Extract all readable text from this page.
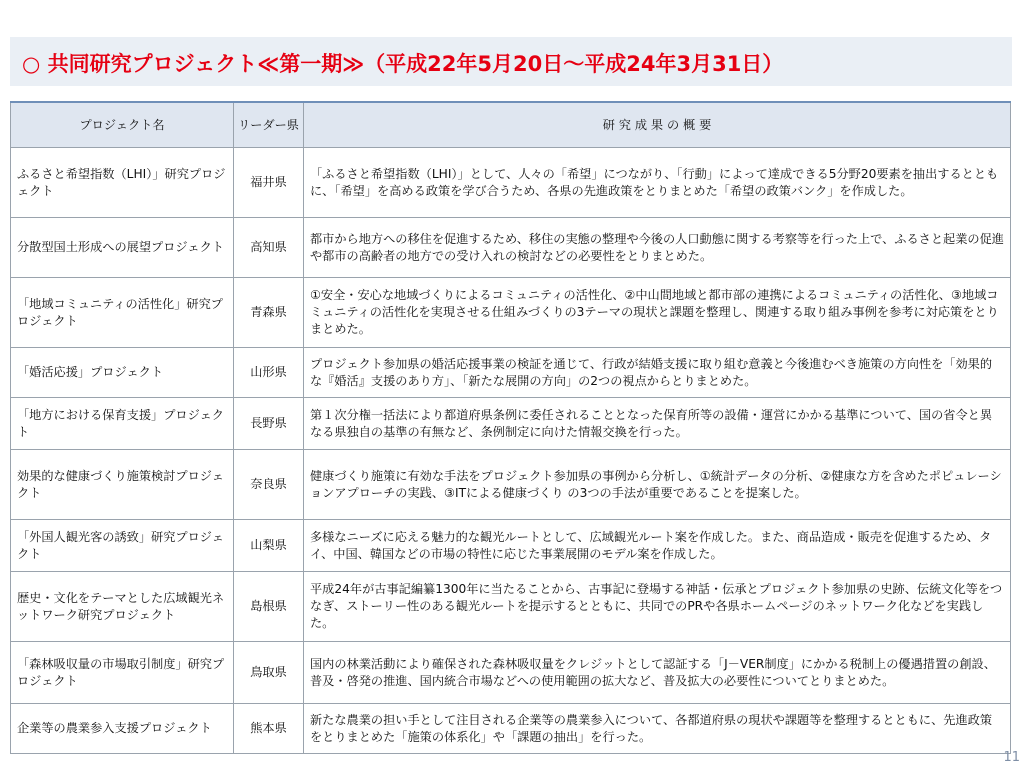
○ 共同研究プロジェクト≪第一期≫（平成22年5月20日～平成24年3月31日）
プロジェクト名	リーダー県	研 究 成 果 の 概 要
ふるさと希望指数（LHI）」研究プロジェクト	福井県	「ふるさと希望指数（LHI）」として、人々の「希望」につながり、「行動」によって達成できる5分野20要素を抽出するとともに、「希望」を高める政策を学び合うため、各県の先進政策をとりまとめた「希望の政策バンク」を作成した。
分散型国土形成への展望プロジェクト	高知県	都市から地方への移住を促進するため、移住の実態の整理や今後の人口動態に関する考察等を行った上で、ふるさと起業の促進や都市の高齢者の地方での受け入れの検討などの必要性をとりまとめた。
「地域コミュニティの活性化」研究プロジェクト	青森県	①安全・安心な地域づくりによるコミュニティの活性化、②中山間地域と都市部の連携によるコミュニティの活性化、③地域コミュニティの活性化を実現させる仕組みづくりの3テーマの現状と課題を整理し、関連する取り組み事例を参考に対応策をとりまとめた。
「婚活応援」プロジェクト	山形県	プロジェクト参加県の婚活応援事業の検証を通じて、行政が結婚支援に取り組む意義と今後進むべき施策の方向性を「効果的な『婚活』支援のあり方」、「新たな展開の方向」の2つの視点からとりまとめた。
「地方における保育支援」プロジェクト	長野県	第１次分権一括法により都道府県条例に委任されることとなった保育所等の設備・運営にかかる基準について、国の省令と異なる県独自の基準の有無など、条例制定に向けた情報交換を行った。
効果的な健康づくり施策検討プロジェクト	奈良県	健康づくり施策に有効な手法をプロジェクト参加県の事例から分析し、①統計データの分析、②健康な方を含めたポピュレーションアプローチの実践、③ITによる健康づくり の3つの手法が重要であることを提案した。
「外国人観光客の誘致」研究プロジェクト	山梨県	多様なニーズに応える魅力的な観光ルートとして、広域観光ルート案を作成した。また、商品造成・販売を促進するため、タイ、中国、韓国などの市場の特性に応じた事業展開のモデル案を作成した。
歴史・文化をテーマとした広域観光ネットワーク研究プロジェクト	島根県	平成24年が古事記編纂1300年に当たることから、古事記に登場する神話・伝承とプロジェクト参加県の史跡、伝統文化等をつなぎ、ストーリー性のある観光ルートを提示するとともに、共同でのPRや各県ホームページのネットワーク化などを実践した。
「森林吸収量の市場取引制度」研究プロジェクト	鳥取県	国内の林業活動により確保された森林吸収量をクレジットとして認証する「J－VER制度」にかかる税制上の優遇措置の創設、普及・啓発の推進、国内統合市場などへの使用範囲の拡大など、普及拡大の必要性についてとりまとめた。
企業等の農業参入支援プロジェクト	熊本県	新たな農業の担い手として注目される企業等の農業参入について、各都道府県の現状や課題等を整理するとともに、先進政策をとりまとめた「施策の体系化」や「課題の抽出」を行った。
11
